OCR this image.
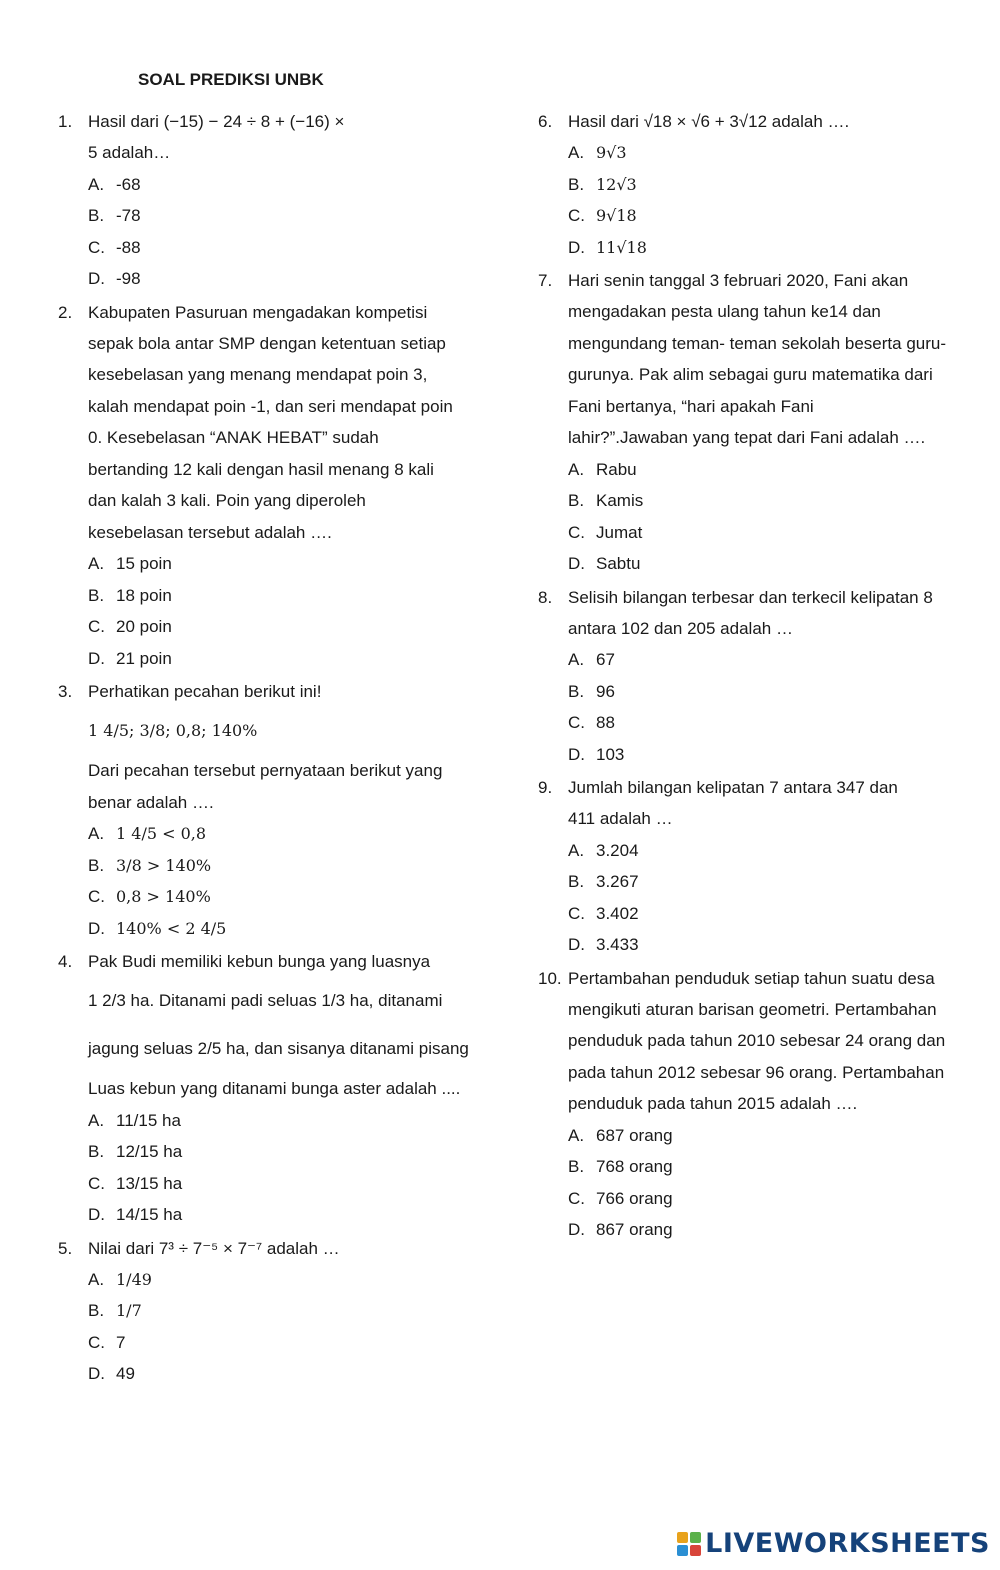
SOAL PREDIKSI UNBK
1. Hasil dari (−15) − 24 ÷ 8 + (−16) ×
5 adalah…
A. -68
B. -78
C. -88
D. -98
2. Kabupaten Pasuruan mengadakan kompetisi
sepak bola antar SMP dengan ketentuan setiap
kesebelasan yang menang mendapat poin 3,
kalah mendapat poin -1, dan seri mendapat poin
0. Kesebelasan “ANAK HEBAT” sudah
bertanding 12 kali dengan hasil menang 8 kali
dan kalah 3 kali. Poin yang diperoleh
kesebelasan tersebut adalah ….
A. 15 poin
B. 18 poin
C. 20 poin
D. 21 poin
3. Perhatikan pecahan berikut ini!
1 4/5; 3/8; 0,8; 140%
Dari pecahan tersebut pernyataan berikut yang
benar adalah ….
A. 1 4/5 < 0,8
B. 3/8 > 140%
C. 0,8 > 140%
D. 140% < 2 4/5
4. Pak Budi memiliki kebun bunga yang luasnya
1 2/3 ha. Ditanami padi seluas 1/3 ha, ditanami
jagung seluas 2/5 ha, dan sisanya ditanami pisang
Luas kebun yang ditanami bunga aster adalah ....
A. 11/15 ha
B. 12/15 ha
C. 13/15 ha
D. 14/15 ha
5. Nilai dari 7³ ÷ 7⁻⁵ × 7⁻⁷ adalah …
A. 1/49
B. 1/7
C. 7
D. 49
6. Hasil dari √18 × √6 + 3√12 adalah ….
A. 9√3
B. 12√3
C. 9√18
D. 11√18
7. Hari senin tanggal 3 februari 2020, Fani akan
mengadakan pesta ulang tahun ke14 dan
mengundang teman- teman sekolah beserta guru-
gurunya. Pak alim sebagai guru matematika dari
Fani bertanya, “hari apakah Fani
lahir?”.Jawaban yang tepat dari Fani adalah ….
A. Rabu
B. Kamis
C. Jumat
D. Sabtu
8. Selisih bilangan terbesar dan terkecil kelipatan 8
antara 102 dan 205 adalah …
A. 67
B. 96
C. 88
D. 103
9. Jumlah bilangan kelipatan 7 antara 347 dan
411 adalah …
A. 3.204
B. 3.267
C. 3.402
D. 3.433
10. Pertambahan penduduk setiap tahun suatu desa
mengikuti aturan barisan geometri. Pertambahan
penduduk pada tahun 2010 sebesar 24 orang dan
pada tahun 2012 sebesar 96 orang. Pertambahan
penduduk pada tahun 2015 adalah ….
A. 687 orang
B. 768 orang
C. 766 orang
D. 867 orang
LIVEWORKSHEETS
